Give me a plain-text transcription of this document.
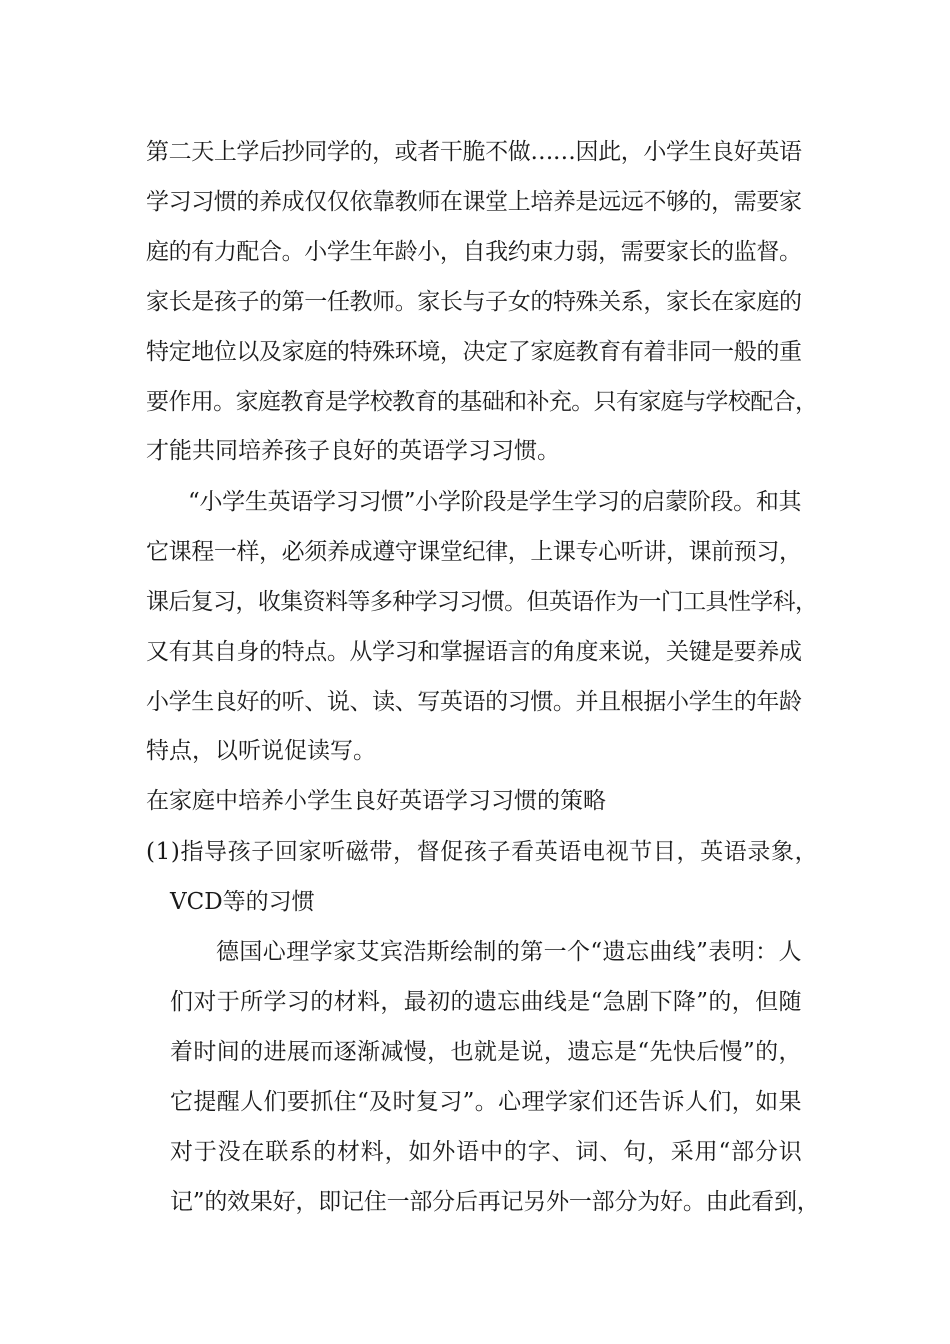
第二天上学后抄同学的，或者干脆不做……因此，小学生良好英语
学习习惯的养成仅仅依靠教师在课堂上培养是远远不够的，需要家
庭的有力配合。小学生年龄小，自我约束力弱，需要家长的监督。
家长是孩子的第一任教师。家长与子女的特殊关系，家长在家庭的
特定地位以及家庭的特殊环境，决定了家庭教育有着非同一般的重
要作用。家庭教育是学校教育的基础和补充。只有家庭与学校配合，
才能共同培养孩子良好的英语学习习惯。
“小学生英语学习习惯”小学阶段是学生学习的启蒙阶段。和其
它课程一样，必须养成遵守课堂纪律，上课专心听讲，课前预习，
课后复习，收集资料等多种学习习惯。但英语作为一门工具性学科，
又有其自身的特点。从学习和掌握语言的角度来说，关键是要养成
小学生良好的听、说、读、写英语的习惯。并且根据小学生的年龄
特点，以听说促读写。
在家庭中培养小学生良好英语学习习惯的策略
(1)指导孩子回家听磁带，督促孩子看英语电视节目，英语录象，
VCD等的习惯
德国心理学家艾宾浩斯绘制的第一个“遗忘曲线”表明：人
们对于所学习的材料，最初的遗忘曲线是“急剧下降”的，但随
着时间的进展而逐渐减慢，也就是说，遗忘是“先快后慢”的，
它提醒人们要抓住“及时复习”。心理学家们还告诉人们，如果
对于没在联系的材料，如外语中的字、词、句，采用“部分识
记”的效果好，即记住一部分后再记另外一部分为好。由此看到，
